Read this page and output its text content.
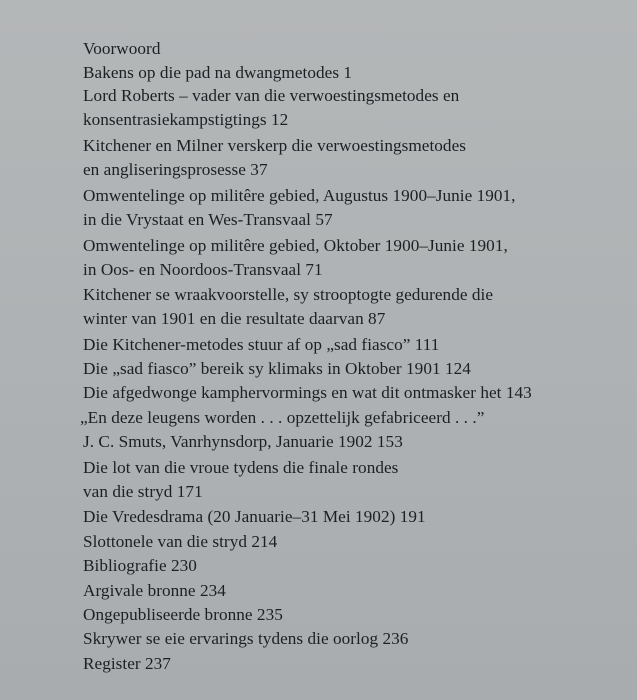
Voorwoord
Bakens op die pad na dwangmetodes 1
Lord Roberts – vader van die verwoestingsmetodes en
konsentrasiekampstigtings 12
Kitchener en Milner verskerp die verwoestingsmetodes
en angliseringsprosesse 37
Omwentelinge op militêre gebied, Augustus 1900–Junie 1901,
in die Vrystaat en Wes-Transvaal 57
Omwentelinge op militêre gebied, Oktober 1900–Junie 1901,
in Oos- en Noordoos-Transvaal 71
Kitchener se wraakvoorstelle, sy strooptogte gedurende die
winter van 1901 en die resultate daarvan 87
Die Kitchener-metodes stuur af op „sad fiasco” 111
Die „sad fiasco” bereik sy klimaks in Oktober 1901 124
Die afgedwonge kamphervormings en wat dit ontmasker het 143
„En deze leugens worden . . . opzettelijk gefabriceerd . . .”
J. C. Smuts, Vanrhynsdorp, Januarie 1902 153
Die lot van die vroue tydens die finale rondes
van die stryd 171
Die Vredesdrama (20 Januarie–31 Mei 1902) 191
Slottonele van die stryd 214
Bibliografie 230
Argivale bronne 234
Ongepubliseerde bronne 235
Skrywer se eie ervarings tydens die oorlog 236
Register 237
